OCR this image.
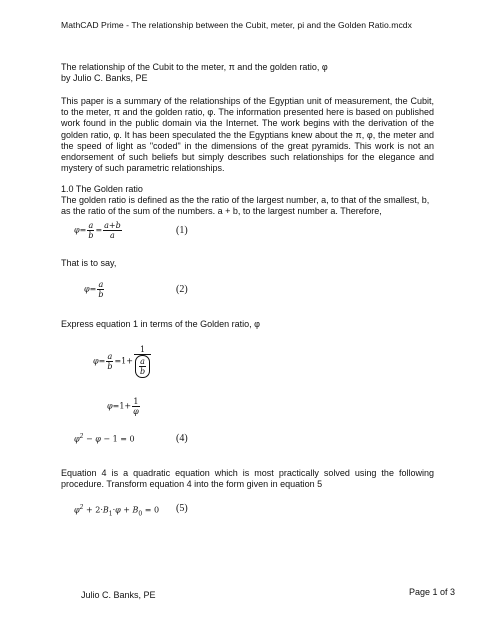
MathCAD Prime - The relationship between the Cubit, meter, pi and the Golden Ratio.mcdx
The relationship of the Cubit to the meter, π and the golden ratio, φ
by Julio C. Banks, PE
This paper is a summary of the relationships of the Egyptian unit of measurement, the Cubit, to the meter, π and the golden ratio, φ. The information presented here is based on published work found in the public domain via the Internet. The work begins with the derivation of the golden ratio, φ. It has been speculated the the Egyptians knew about the π, φ, the meter and the speed of light as "coded" in the dimensions of the great pyramids. This work is not an endorsement of such beliefs but simply describes such relationships for the elegance and mystery of such parametric relationships.
1.0 The Golden ratio
The golden ratio is defined as the the ratio of the largest number, a, to that of the smallest, b, as the ratio of the sum of the numbers. a + b, to the largest number a. Therefore,
$\varphi= \frac{a}{b} = \frac{a+b}{a}$	(1)
That is to say,
$\varphi= \frac{a}{b}$	(2)
Express equation 1 in terms of the Golden ratio, φ
$\varphi= \frac{a}{b} =1+ \frac{1}{\frac{a}{b}}$
$\varphi=1+ \frac{1}{\varphi}$
$\varphi^2 - \varphi - 1 = 0$	(4)
Equation 4 is a quadratic equation which is most practically solved using the following procedure. Transform equation 4 into the form given in equation 5
$\varphi^2 + 2\cdot B_1\cdot\varphi + B_0 = 0$ (5)
Julio C. Banks, PE	Page 1 of 3
